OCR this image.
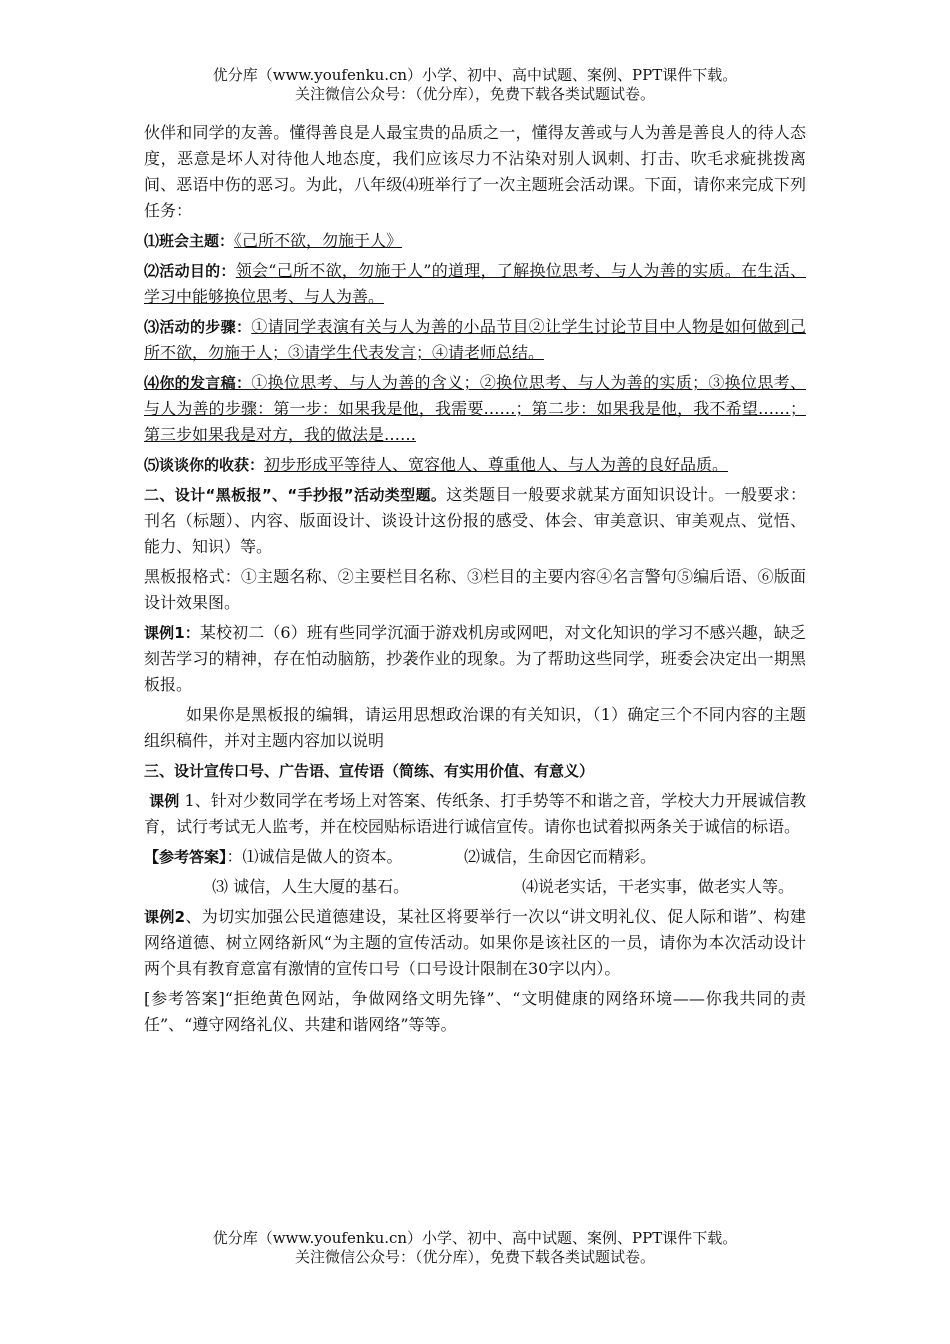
优分库（www.youfenku.cn）小学、初中、高中试题、案例、PPT课件下载。
关注微信公众号：（优分库），免费下载各类试题试卷。

伙伴和同学的友善。懂得善良是人最宝贵的品质之一，懂得友善或与人为善是善良人的待人态度，恶意是坏人对待他人地态度，我们应该尽力不沾染对别人讽刺、打击、吹毛求疵挑拨离间、恶语中伤的恶习。为此，八年级⑷班举行了一次主题班会活动课。下面，请你来完成下列任务：

⑴班会主题：《己所不欲，勿施于人》

⑵活动目的：领会“己所不欲，勿施于人”的道理，了解换位思考、与人为善的实质。在生活、学习中能够换位思考、与人为善。

⑶活动的步骤：①请同学表演有关与人为善的小品节目②让学生讨论节目中人物是如何做到己所不欲，勿施于人；③请学生代表发言；④请老师总结。

⑷你的发言稿：①换位思考、与人为善的含义；②换位思考、与人为善的实质；③换位思考、与人为善的步骤：第一步：如果我是他，我需要……；第二步：如果我是他，我不希望……；第三步如果我是对方，我的做法是……

⑸谈谈你的收获：初步形成平等待人、宽容他人、尊重他人、与人为善的良好品质。

二、设计“黑板报”、“手抄报”活动类型题。这类题目一般要求就某方面知识设计。一般要求：刊名（标题）、内容、版面设计、谈设计这份报的感受、体会、审美意识、审美观点、觉悟、能力、知识）等。

黑板报格式：①主题名称、②主要栏目名称、③栏目的主要内容④名言警句⑤编后语、⑥版面设计效果图。

课例1：某校初二（6）班有些同学沉湎于游戏机房或网吧，对文化知识的学习不感兴趣，缺乏刻苦学习的精神，存在怕动脑筋，抄袭作业的现象。为了帮助这些同学，班委会决定出一期黑板报。

如果你是黑板报的编辑，请运用思想政治课的有关知识，（1）确定三个不同内容的主题组织稿件，并对主题内容加以说明

三、设计宣传口号、广告语、宣传语（简练、有实用价值、有意义）

课例 1、针对少数同学在考场上对答案、传纸条、打手势等不和谐之音，学校大力开展诚信教育，试行考试无人监考，并在校园贴标语进行诚信宣传。请你也试着拟两条关于诚信的标语。

【参考答案】：⑴诚信是做人的资本。	⑵诚信，生命因它而精彩。
⑶ 诚信，人生大厦的基石。	⑷说老实话，干老实事，做老实人等。

课例2、为切实加强公民道德建设，某社区将要举行一次以“讲文明礼仪、促人际和谐”、构建网络道德、树立网络新风“为主题的宣传活动。如果你是该社区的一员，请你为本次活动设计两个具有教育意富有激情的宣传口号（口号设计限制在30字以内）。

[参考答案]“拒绝黄色网站，争做网络文明先锋”、“文明健康的网络环境——你我共同的责任”、“遵守网络礼仪、共建和谐网络”等等。

优分库（www.youfenku.cn）小学、初中、高中试题、案例、PPT课件下载。
关注微信公众号：（优分库），免费下载各类试题试卷。
